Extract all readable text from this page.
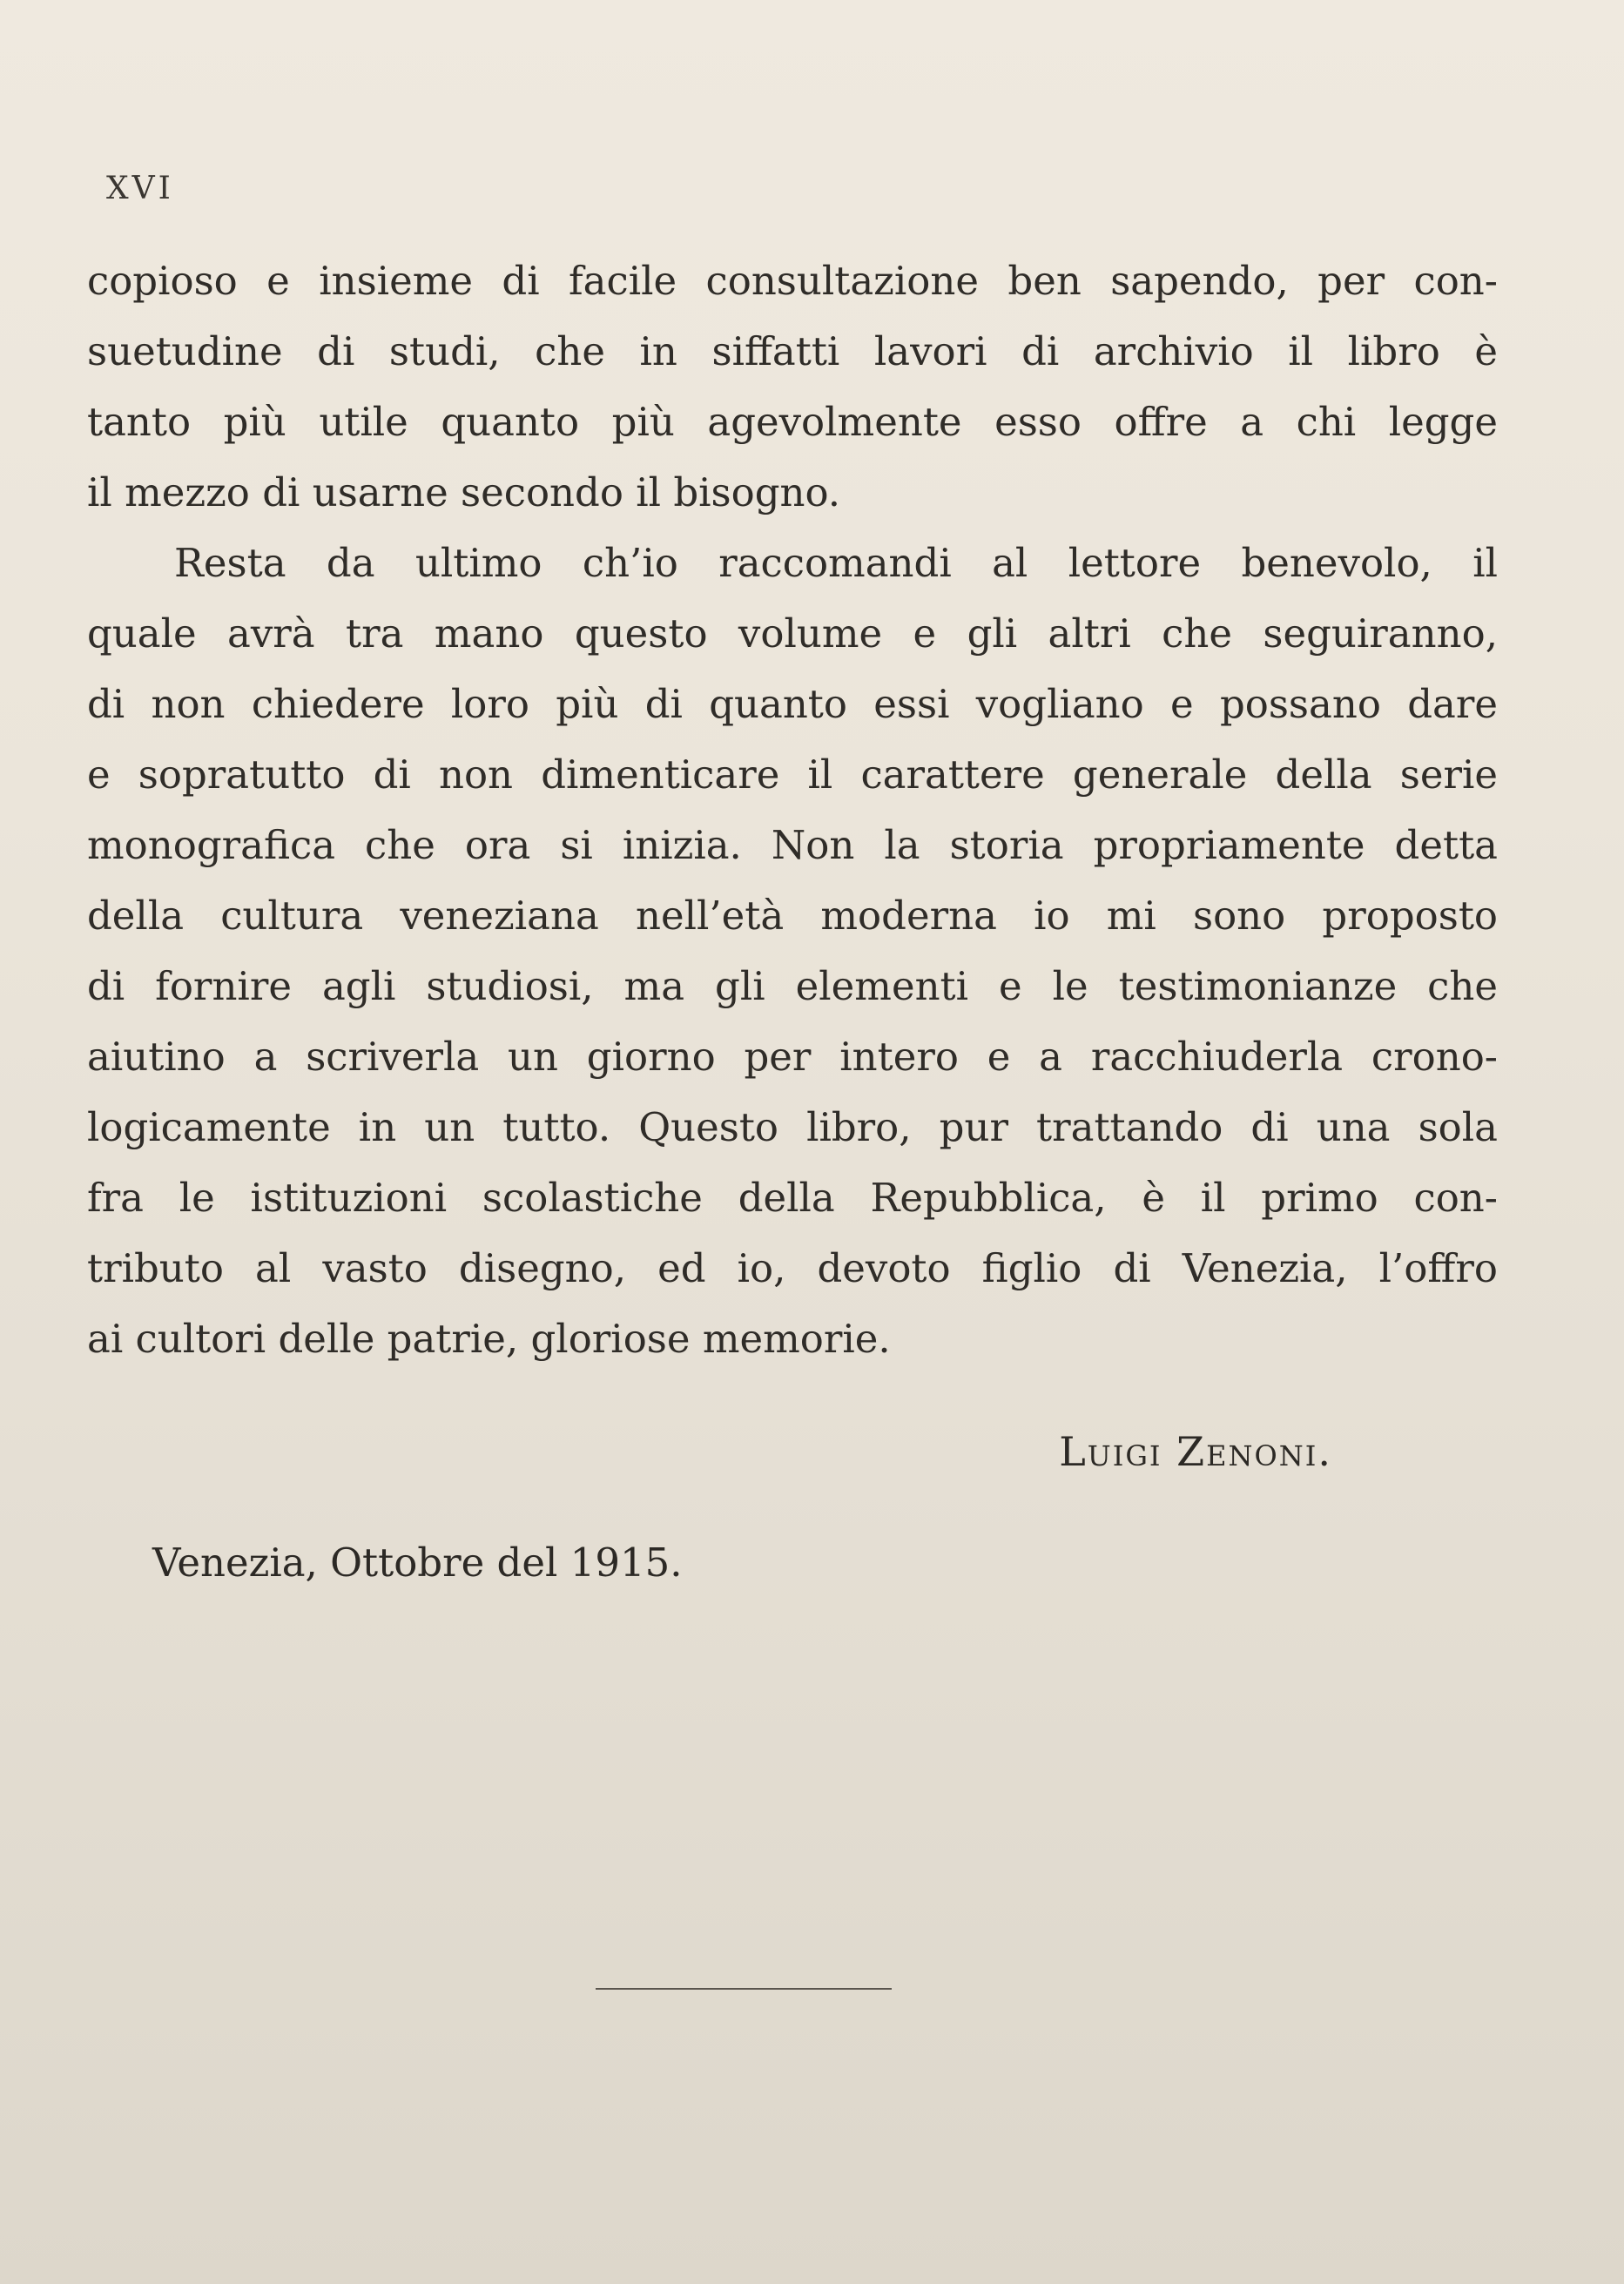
XVI
copioso e insieme di facile consultazione ben sapendo, per con-
suetudine di studi, che in siffatti lavori di archivio il libro è
tanto più utile quanto più agevolmente esso offre a chi legge
il mezzo di usarne secondo il bisogno.
Resta da ultimo ch’io raccomandi al lettore benevolo, il
quale avrà tra mano questo volume e gli altri che seguiranno,
di non chiedere loro più di quanto essi vogliano e possano dare
e sopratutto di non dimenticare il carattere generale della serie
monografica che ora si inizia. Non la storia propriamente detta
della cultura veneziana nell’età moderna io mi sono proposto
di fornire agli studiosi, ma gli elementi e le testimonianze che
aiutino a scriverla un giorno per intero e a racchiuderla crono-
logicamente in un tutto. Questo libro, pur trattando di una sola
fra le istituzioni scolastiche della Repubblica, è il primo con-
tributo al vasto disegno, ed io, devoto figlio di Venezia, l’offro
ai cultori delle patrie, gloriose memorie.
Luigi Zenoni.
Venezia, Ottobre del 1915.
